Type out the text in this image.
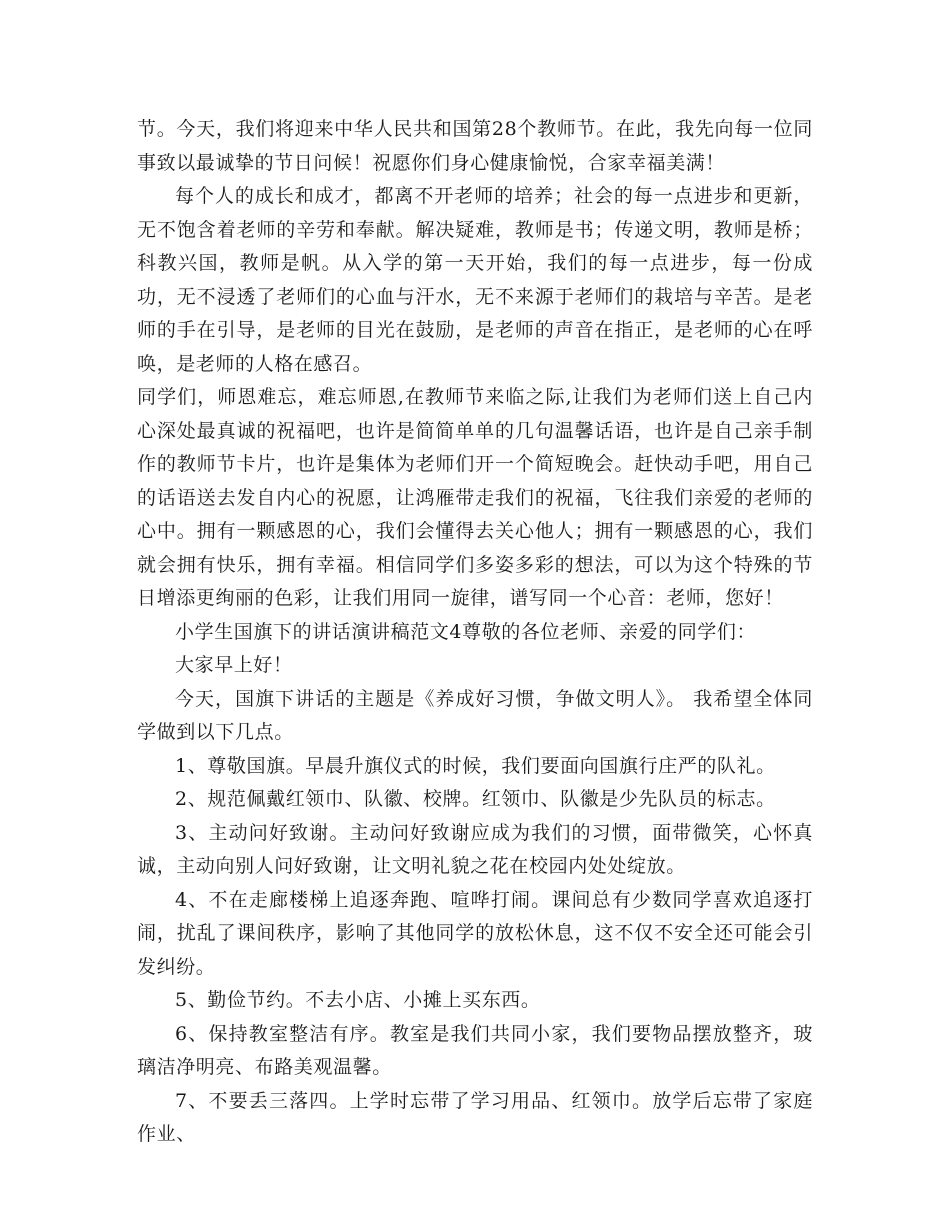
节。今天，我们将迎来中华人民共和国第28个教师节。在此，我先向每一位同事致以最诚挚的节日问候！祝愿你们身心健康愉悦，合家幸福美满！

每个人的成长和成才，都离不开老师的培养；社会的每一点进步和更新，无不饱含着老师的辛劳和奉献。解决疑难，教师是书；传递文明，教师是桥；科教兴国，教师是帆。从入学的第一天开始，我们的每一点进步，每一份成功，无不浸透了老师们的心血与汗水，无不来源于老师们的栽培与辛苦。是老师的手在引导，是老师的目光在鼓励，是老师的声音在指正，是老师的心在呼唤，是老师的人格在感召。

同学们，师恩难忘，难忘师恩,在教师节来临之际,让我们为老师们送上自己内心深处最真诚的祝福吧，也许是简简单单的几句温馨话语，也许是自己亲手制作的教师节卡片，也许是集体为老师们开一个简短晚会。赶快动手吧，用自己的话语送去发自内心的祝愿，让鸿雁带走我们的祝福，飞往我们亲爱的老师的心中。拥有一颗感恩的心，我们会懂得去关心他人；拥有一颗感恩的心，我们就会拥有快乐，拥有幸福。相信同学们多姿多彩的想法，可以为这个特殊的节日增添更绚丽的色彩，让我们用同一旋律，谱写同一个心音：老师，您好！

小学生国旗下的讲话演讲稿范文4尊敬的各位老师、亲爱的同学们：

大家早上好！

今天，国旗下讲话的主题是《养成好习惯，争做文明人》。 我希望全体同学做到以下几点。

1、尊敬国旗。早晨升旗仪式的时候，我们要面向国旗行庄严的队礼。

2、规范佩戴红领巾、队徽、校牌。红领巾、队徽是少先队员的标志。

3、主动问好致谢。主动问好致谢应成为我们的习惯，面带微笑，心怀真诚，主动向别人问好致谢，让文明礼貌之花在校园内处处绽放。

4、不在走廊楼梯上追逐奔跑、喧哗打闹。课间总有少数同学喜欢追逐打闹，扰乱了课间秩序，影响了其他同学的放松休息，这不仅不安全还可能会引发纠纷。

5、勤俭节约。不去小店、小摊上买东西。

6、保持教室整洁有序。教室是我们共同小家，我们要物品摆放整齐，玻璃洁净明亮、布路美观温馨。

7、不要丢三落四。上学时忘带了学习用品、红领巾。放学后忘带了家庭作业、
